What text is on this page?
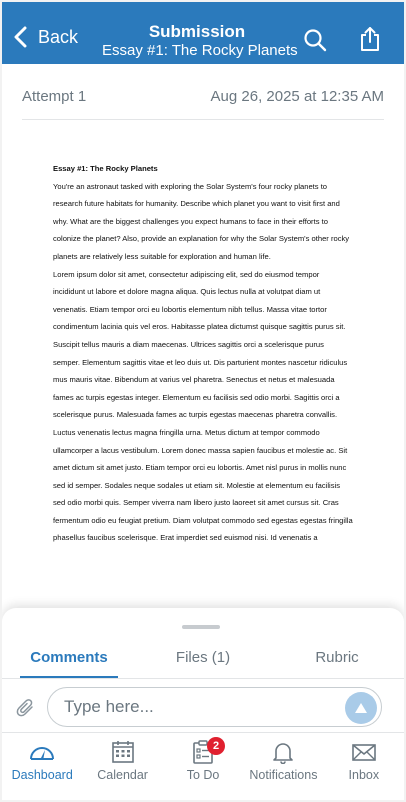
Back	Submission
Essay #1: The Rocky Planets
Attempt 1	Aug 26, 2025 at 12:35 AM

Essay #1: The Rocky Planets

You're an astronaut tasked with exploring the Solar System's four rocky planets to research future habitats for humanity. Describe which planet you want to visit first and why. What are the biggest challenges you expect humans to face in their efforts to colonize the planet? Also, provide an explanation for why the Solar System's other rocky planets are relatively less suitable for exploration and human life.

Lorem ipsum dolor sit amet, consectetur adipiscing elit, sed do eiusmod tempor incididunt ut labore et dolore magna aliqua. Quis lectus nulla at volutpat diam ut venenatis. Etiam tempor orci eu lobortis elementum nibh tellus. Massa vitae tortor condimentum lacinia quis vel eros. Habitasse platea dictumst quisque sagittis purus sit. Suscipit tellus mauris a diam maecenas. Ultrices sagittis orci a scelerisque purus semper. Elementum sagittis vitae et leo duis ut. Dis parturient montes nascetur ridiculus mus mauris vitae. Bibendum at varius vel pharetra. Senectus et netus et malesuada fames ac turpis egestas integer. Elementum eu facilisis sed odio morbi. Sagittis orci a scelerisque purus. Malesuada fames ac turpis egestas maecenas pharetra convallis. Luctus venenatis lectus magna fringilla urna. Metus dictum at tempor commodo ullamcorper a lacus vestibulum. Lorem donec massa sapien faucibus et molestie ac. Sit amet dictum sit amet justo. Etiam tempor orci eu lobortis. Amet nisl purus in mollis nunc sed id semper. Sodales neque sodales ut etiam sit. Molestie at elementum eu facilisis sed odio morbi quis. Semper viverra nam libero justo laoreet sit amet cursus sit. Cras fermentum odio eu feugiat pretium. Diam volutpat commodo sed egestas egestas fringilla phasellus faucibus scelerisque. Erat imperdiet sed euismod nisi. Id venenatis a

Comments	Files (1)	Rubric
Type here...
Dashboard	Calendar
2
To Do	Notifications	Inbox
